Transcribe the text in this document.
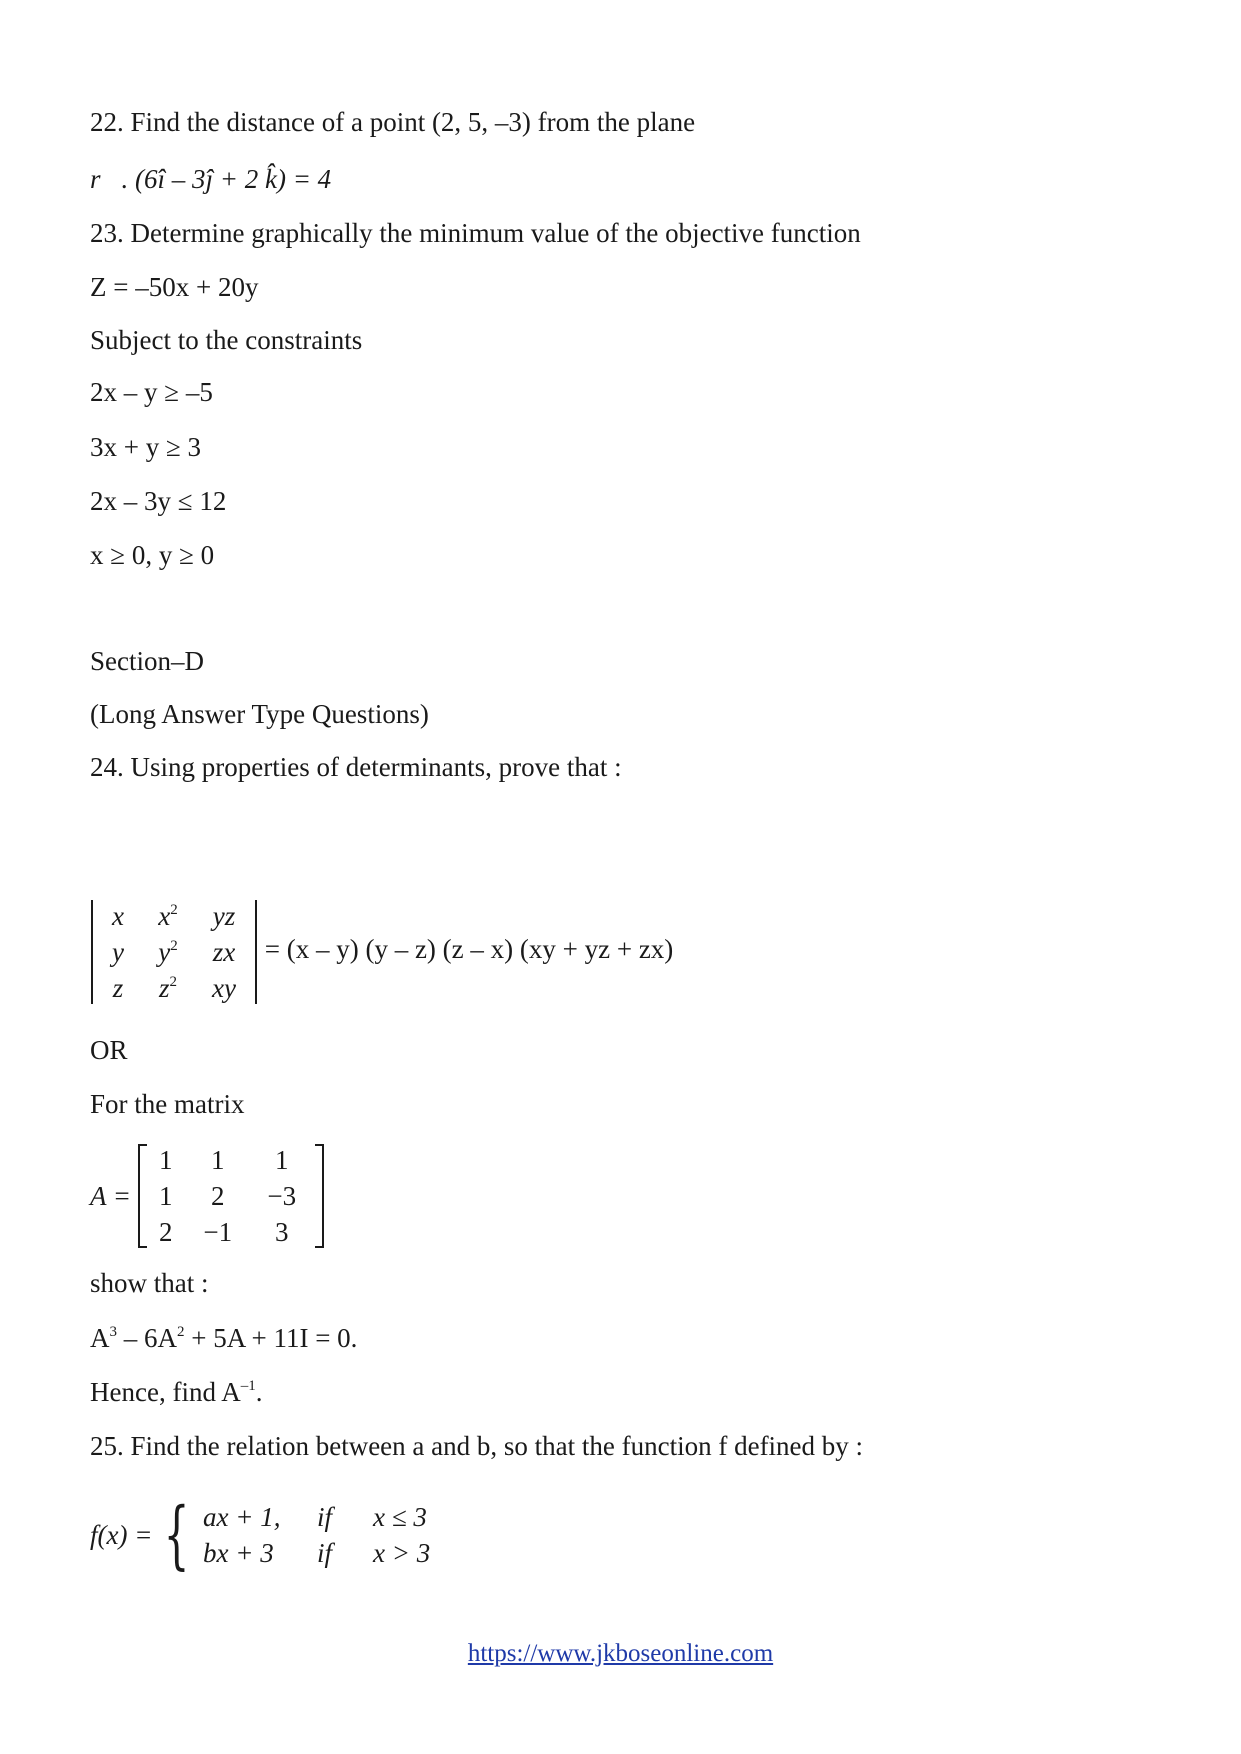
22. Find the distance of a point (2, 5, –3) from the plane
r⃗. (6î – 3ĵ + 2 k̂) = 4
23. Determine graphically the minimum value of the objective function
Z = –50x + 20y
Subject to the constraints
2x – y ≥ –5
3x + y ≥ 3
2x – 3y ≤ 12
x ≥ 0, y ≥ 0
Section–D
(Long Answer Type Questions)
24. Using properties of determinants, prove that :
x	$x^2$	yz
y	$y^2$	zx
z	$z^2$	xy
= (x – y) (y – z) (z – x) (xy + yz + zx)
OR
For the matrix
A =
1	1	1
1	2	−3
2	−1	3
show that :
$A^3 - 6A^2 + 5A + 11I = 0$.
Hence, find $A^{-1}$.
25. Find the relation between a and b, so that the function f defined by :
f(x) = { ax + 1, if x ≤ 3
bx + 3 if x > 3
https://www.jkboseonline.com
